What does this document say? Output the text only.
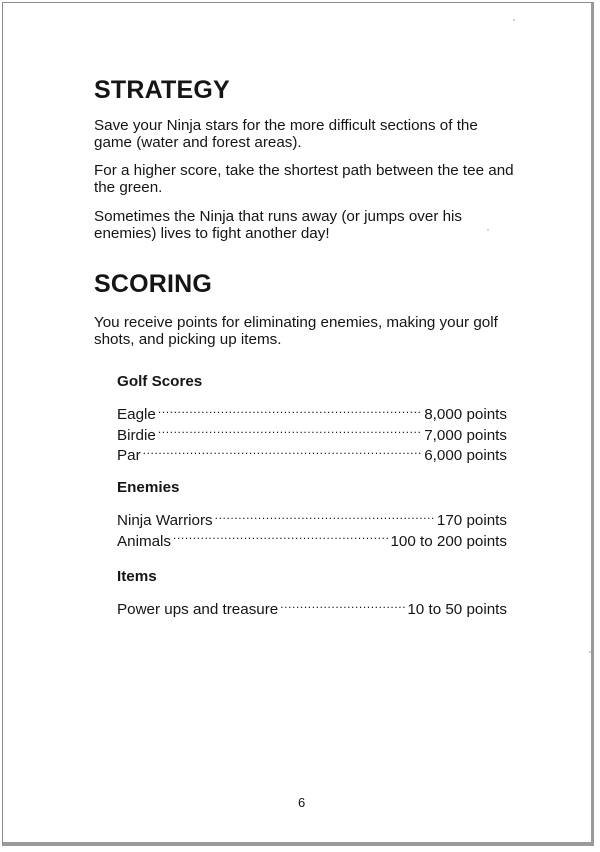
STRATEGY

Save your Ninja stars for the more difficult sections of the game (water and forest areas).

For a higher score, take the shortest path between the tee and the green.

Sometimes the Ninja that runs away (or jumps over his enemies) lives to fight another day!

SCORING

You receive points for eliminating enemies, making your golf shots, and picking up items.

Golf Scores
Eagle .....	8,000 points
Birdie .....	7,000 points
Par .....	6,000 points
Enemies
Ninja Warriors .....	170 points
Animals .....	100 to 200 points
Items
Power ups and treasure .....	10 to 50 points
6
